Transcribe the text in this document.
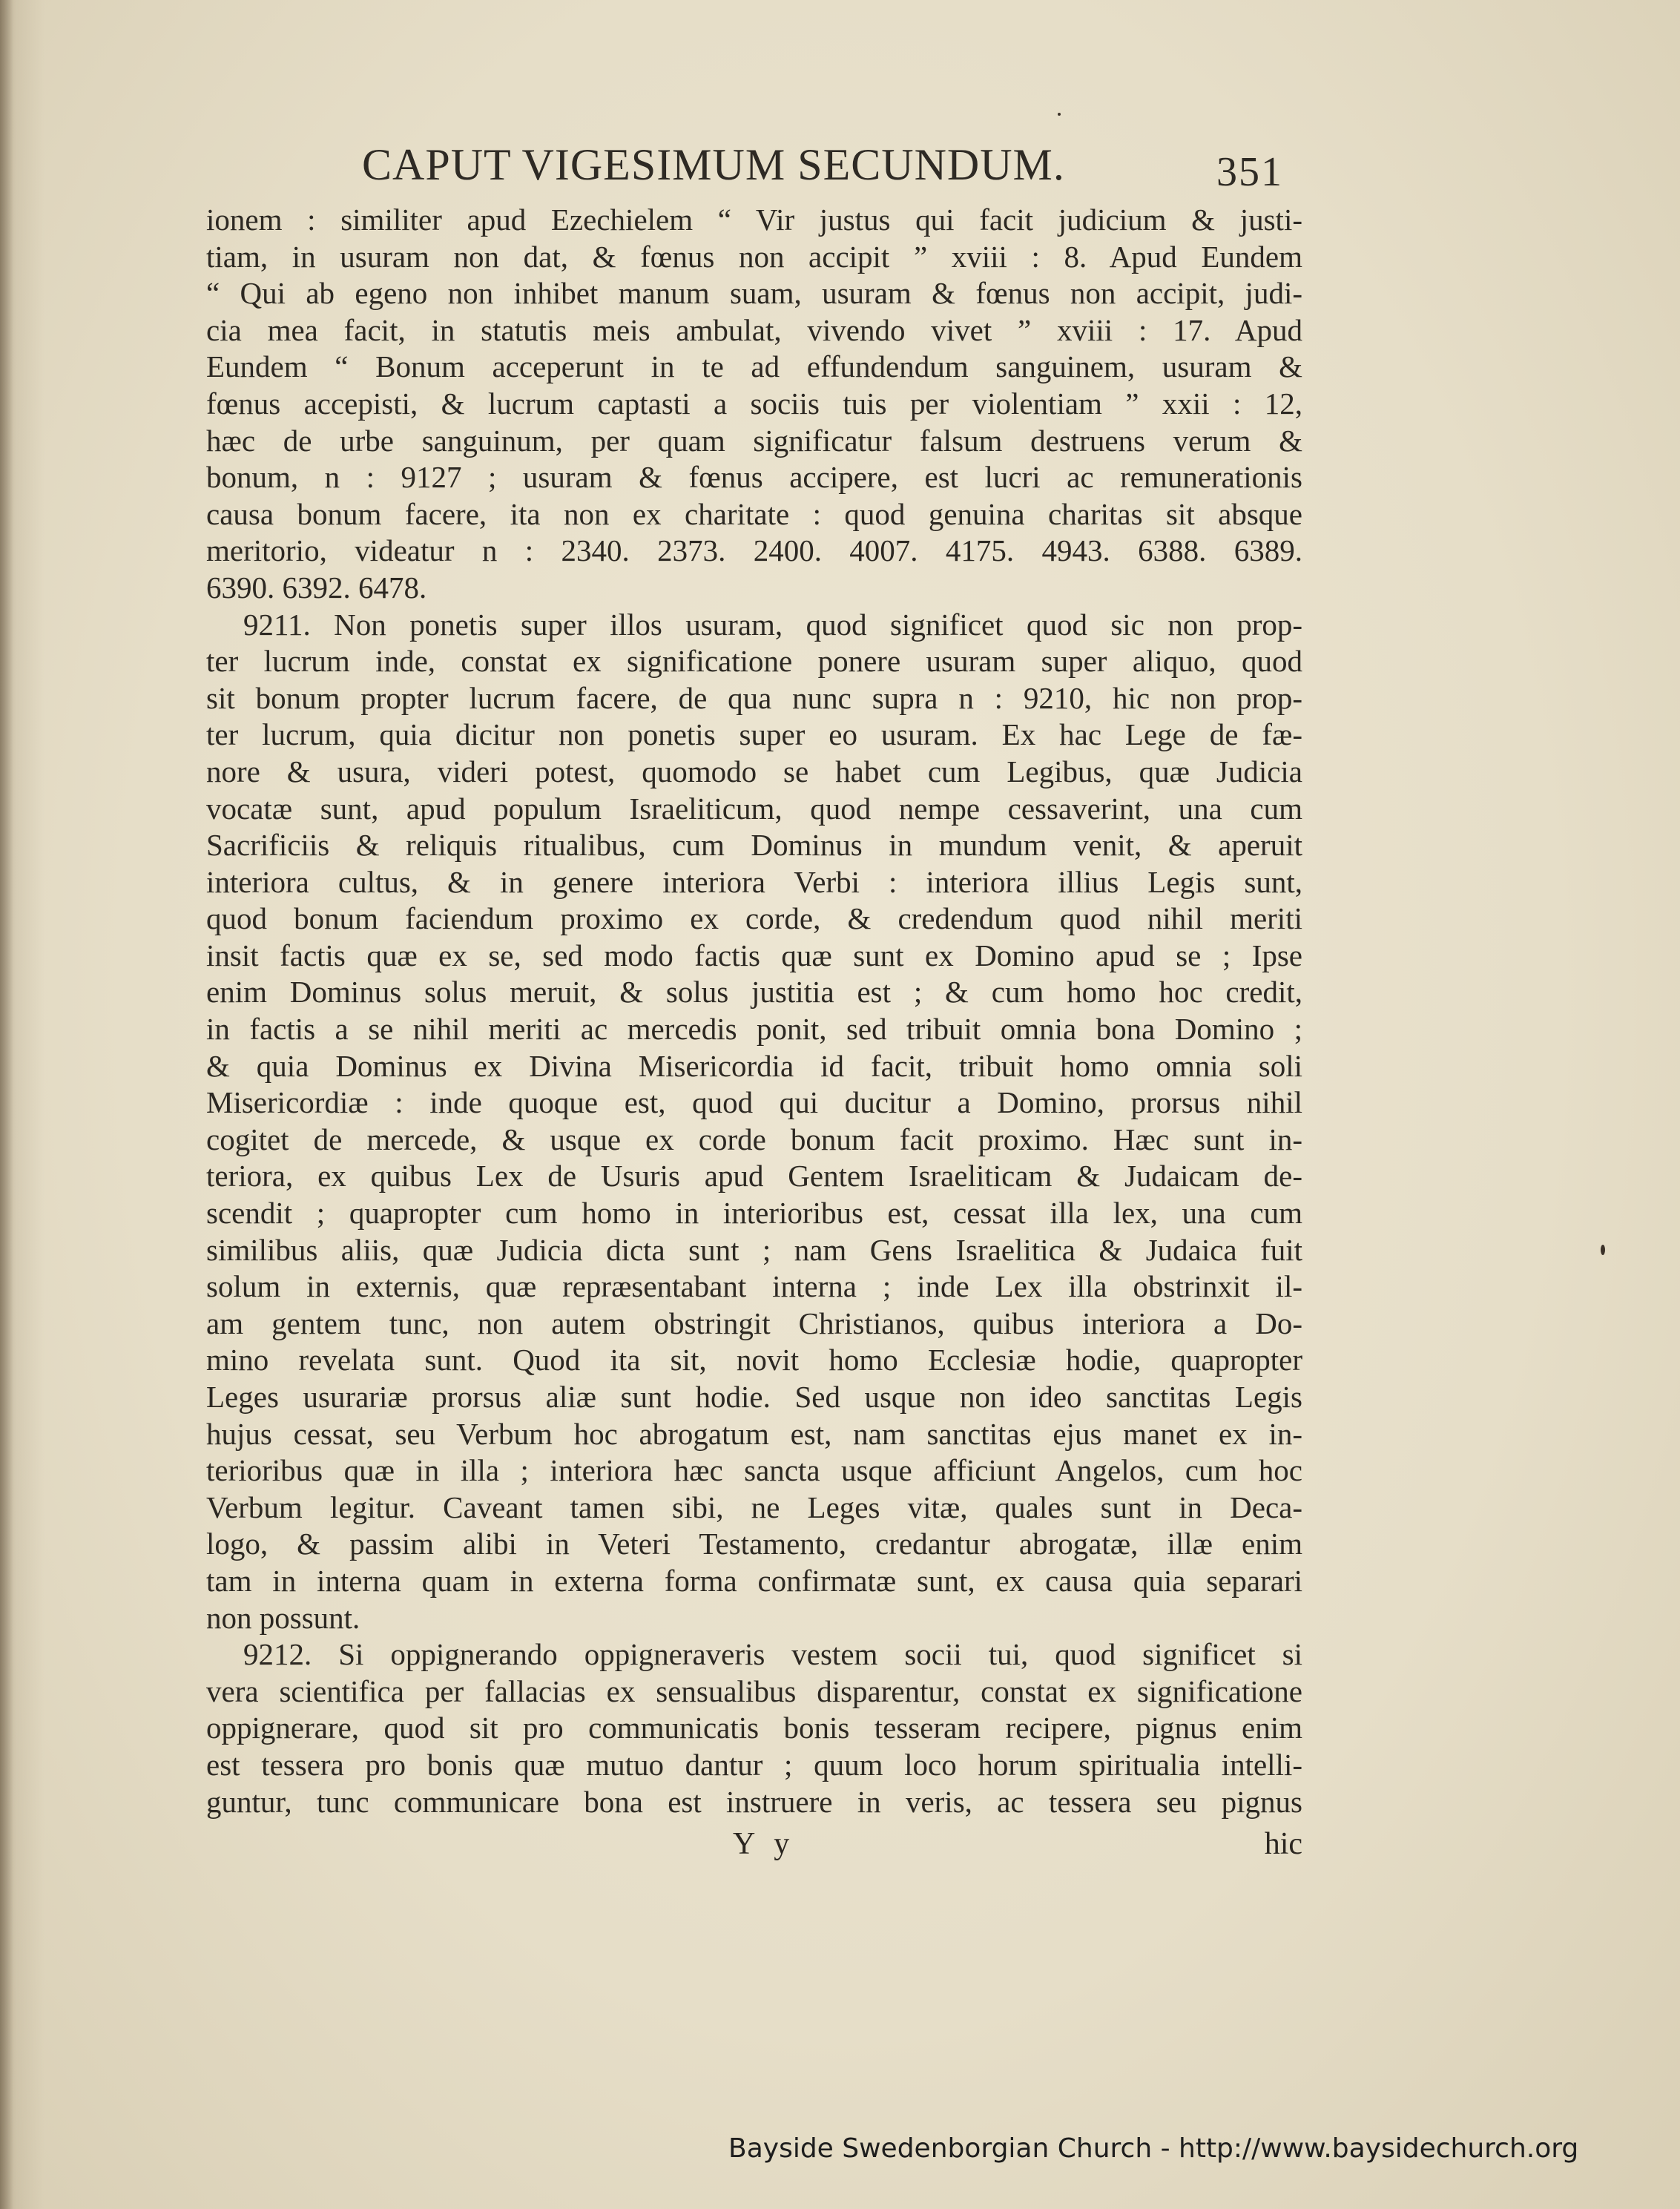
CAPUT VIGESIMUM SECUNDUM.	351
ionem : similiter apud Ezechielem “ Vir justus qui facit judicium & justi-
tiam, in usuram non dat, & fœnus non accipit ” xviii : 8. Apud Eundem
“ Qui ab egeno non inhibet manum suam, usuram & fœnus non accipit, judi-
cia mea facit, in statutis meis ambulat, vivendo vivet ” xviii : 17. Apud
Eundem “ Bonum acceperunt in te ad effundendum sanguinem, usuram &
fœnus accepisti, & lucrum captasti a sociis tuis per violentiam ” xxii : 12,
hæc de urbe sanguinum, per quam significatur falsum destruens verum &
bonum, n : 9127 ; usuram & fœnus accipere, est lucri ac remunerationis
causa bonum facere, ita non ex charitate : quod genuina charitas sit absque
meritorio, videatur n : 2340. 2373. 2400. 4007. 4175. 4943. 6388. 6389.
6390. 6392. 6478.
9211. Non ponetis super illos usuram, quod significet quod sic non prop-
ter lucrum inde, constat ex significatione ponere usuram super aliquo, quod
sit bonum propter lucrum facere, de qua nunc supra n : 9210, hic non prop-
ter lucrum, quia dicitur non ponetis super eo usuram. Ex hac Lege de fæ-
nore & usura, videri potest, quomodo se habet cum Legibus, quæ Judicia
vocatæ sunt, apud populum Israeliticum, quod nempe cessaverint, una cum
Sacrificiis & reliquis ritualibus, cum Dominus in mundum venit, & aperuit
interiora cultus, & in genere interiora Verbi : interiora illius Legis sunt,
quod bonum faciendum proximo ex corde, & credendum quod nihil meriti
insit factis quæ ex se, sed modo factis quæ sunt ex Domino apud se ; Ipse
enim Dominus solus meruit, & solus justitia est ; & cum homo hoc credit,
in factis a se nihil meriti ac mercedis ponit, sed tribuit omnia bona Domino ;
& quia Dominus ex Divina Misericordia id facit, tribuit homo omnia soli
Misericordiæ : inde quoque est, quod qui ducitur a Domino, prorsus nihil
cogitet de mercede, & usque ex corde bonum facit proximo. Hæc sunt in-
teriora, ex quibus Lex de Usuris apud Gentem Israeliticam & Judaicam de-
scendit ; quapropter cum homo in interioribus est, cessat illa lex, una cum
similibus aliis, quæ Judicia dicta sunt ; nam Gens Israelitica & Judaica fuit
solum in externis, quæ repræsentabant interna ; inde Lex illa obstrinxit il-
am gentem tunc, non autem obstringit Christianos, quibus interiora a Do-
mino revelata sunt. Quod ita sit, novit homo Ecclesiæ hodie, quapropter
Leges usurariæ prorsus aliæ sunt hodie. Sed usque non ideo sanctitas Legis
hujus cessat, seu Verbum hoc abrogatum est, nam sanctitas ejus manet ex in-
terioribus quæ in illa ; interiora hæc sancta usque afficiunt Angelos, cum hoc
Verbum legitur. Caveant tamen sibi, ne Leges vitæ, quales sunt in Deca-
logo, & passim alibi in Veteri Testamento, credantur abrogatæ, illæ enim
tam in interna quam in externa forma confirmatæ sunt, ex causa quia separari
non possunt.
9212. Si oppignerando oppigneraveris vestem socii tui, quod significet si
vera scientifica per fallacias ex sensualibus disparentur, constat ex significatione
oppignerare, quod sit pro communicatis bonis tesseram recipere, pignus enim
est tessera pro bonis quæ mutuo dantur ; quum loco horum spiritualia intelli-
guntur, tunc communicare bona est instruere in veris, ac tessera seu pignus
Y y	hic
Bayside Swedenborgian Church - http://www.baysidechurch.org
